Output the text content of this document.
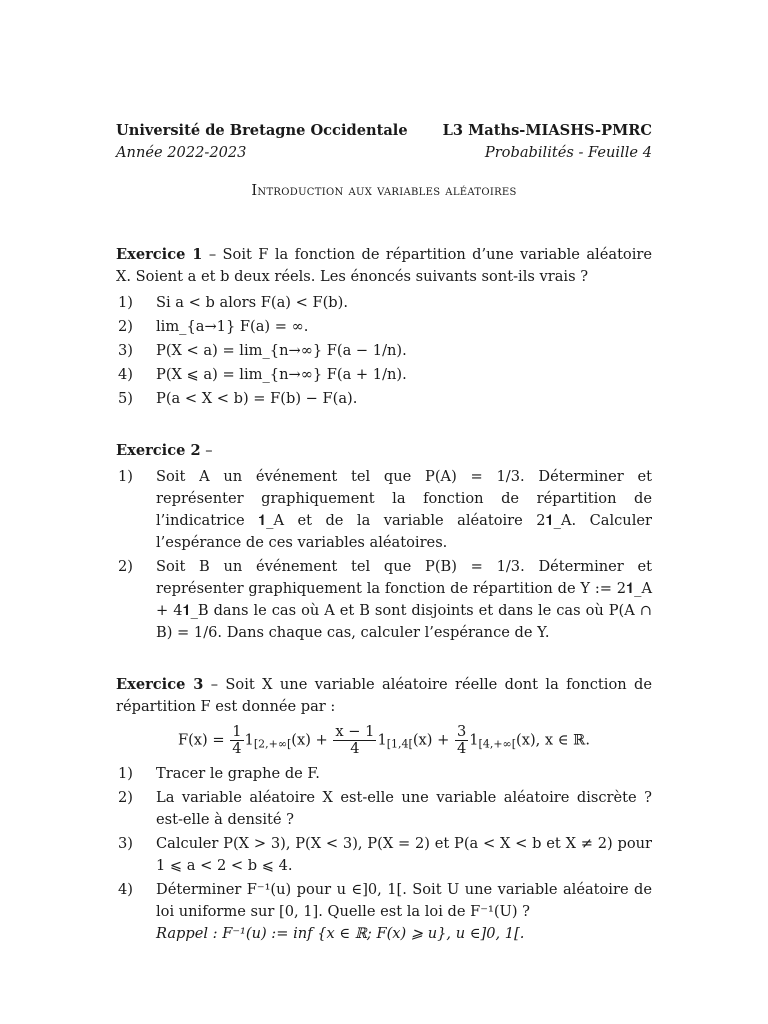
Université de Bretagne Occidentale L3 Maths-MIASHS-PMRC
Année 2022-2023	Probabilités - Feuille 4
Introduction aux variables aléatoires
Exercice 1 – Soit F la fonction de répartition d’une variable aléatoire X. Soient a et b deux réels. Les énoncés suivants sont-ils vrais ?
1)	Si a < b alors F(a) < F(b).
2)	lim_{a→1} F(a) = ∞.
3)	P(X < a) = lim_{n→∞} F(a − 1/n).
4)	P(X ⩽ a) = lim_{n→∞} F(a + 1/n).
5)	P(a < X < b) = F(b) − F(a).
Exercice 2 –
1)	Soit A un événement tel que P(A) = 1/3. Déterminer et représenter graphiquement la fonction de répartition de l’indicatrice 𝟏_A et de la variable aléatoire 2𝟏_A. Calculer l’espérance de ces variables aléatoires.
2)	Soit B un événement tel que P(B) = 1/3. Déterminer et représenter graphiquement la fonction de répartition de Y := 2𝟏_A + 4𝟏_B dans le cas où A et B sont disjoints et dans le cas où P(A ∩ B) = 1/6. Dans chaque cas, calculer l’espérance de Y.
Exercice 3 – Soit X une variable aléatoire réelle dont la fonction de répartition F est donnée par :
$F(x) = \frac{1}{4} 1_{[2,+\infty[}(x) + \frac{x - 1}{4} 1_{[1,4[}(x) + \frac{3}{4} 1_{[4,+\infty[}(x)$, x ∈ ℝ.
1)	Tracer le graphe de F.
2)	La variable aléatoire X est-elle une variable aléatoire discrète ? est-elle à densité ?
3)	Calculer P(X > 3), P(X < 3), P(X = 2) et P(a < X < b et X ≠ 2) pour 1 ⩽ a < 2 < b ⩽ 4.
4)	Déterminer F⁻¹(u) pour u ∈]0, 1[. Soit U une variable aléatoire de loi uniforme sur [0, 1]. Quelle est la loi de F⁻¹(U) ?
Rappel : F⁻¹(u) := inf {x ∈ ℝ; F(x) ⩾ u}, u ∈]0, 1[.
